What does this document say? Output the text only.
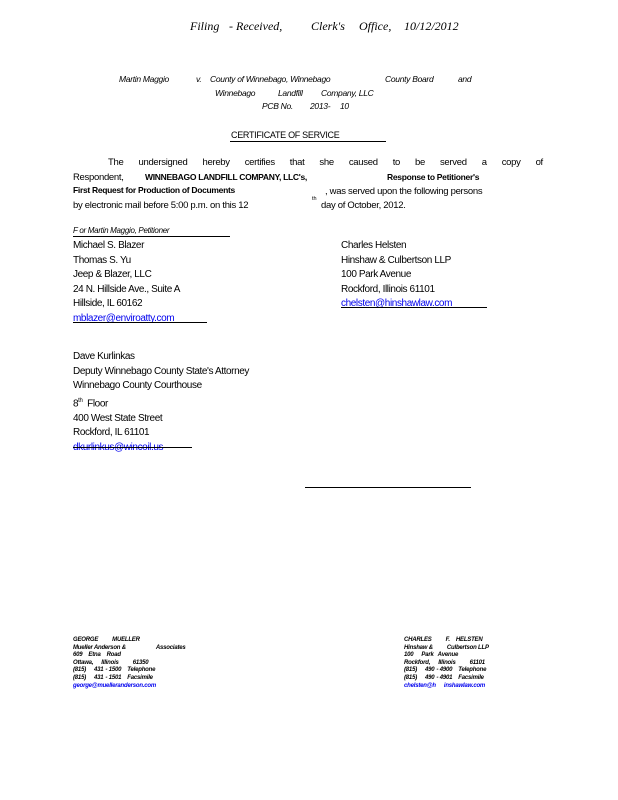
Filing - Received, Clerk's Office, 10/12/2012
Martin Maggio	v. County of Winnebago, Winnebago	County Board	and
Winnebago	Landfill Company, LLC
PCB No. 2013- 10
CERTIFICATE OF SERVICE
The undersigned hereby certifies that she caused to be served a copy of
Respondent,	WINNEBAGO LANDFILL COMPANY, LLC's,	Response to Petitioner's
First Request for Production of Documents	, was served upon the following persons
by electronic mail before 5:00 p.m. on this 12
th
day of October, 2012.
F or Martin Maggio, Petitioner
Michael S. Blazer
Thomas S. Yu
Jeep & Blazer, LLC
24 N. Hillside Ave., Suite A
Hillside, IL 60162
mblazer@enviroatty.com
Charles Helsten
Hinshaw & Culbertson LLP
100 Park Avenue
Rockford, Illinois 61101
chelsten@hinshawlaw.com
Dave Kurlinkas
Deputy Winnebago County State's Attorney
Winnebago County Courthouse
8th Floor
400 West State Street
Rockford, IL 61101
dkurlinkus@wincoil.us
GEORGE MUELLER
Mueller Anderson &	Associates
609 Etna Road
Ottawa, Illinois 61350
(815) 431 - 1500 Telephone
(815) 431 - 1501 Facsimile
george@muelleranderson.com
CHARLES F. HELSTEN
Hinshaw & Culbertson LLP
100 Park Avenue
Rockford, Illinois 61101
(815) 490 - 4900 Telephone
(815) 490 - 4901 Facsimile
chelsten@h inshawlaw.com
